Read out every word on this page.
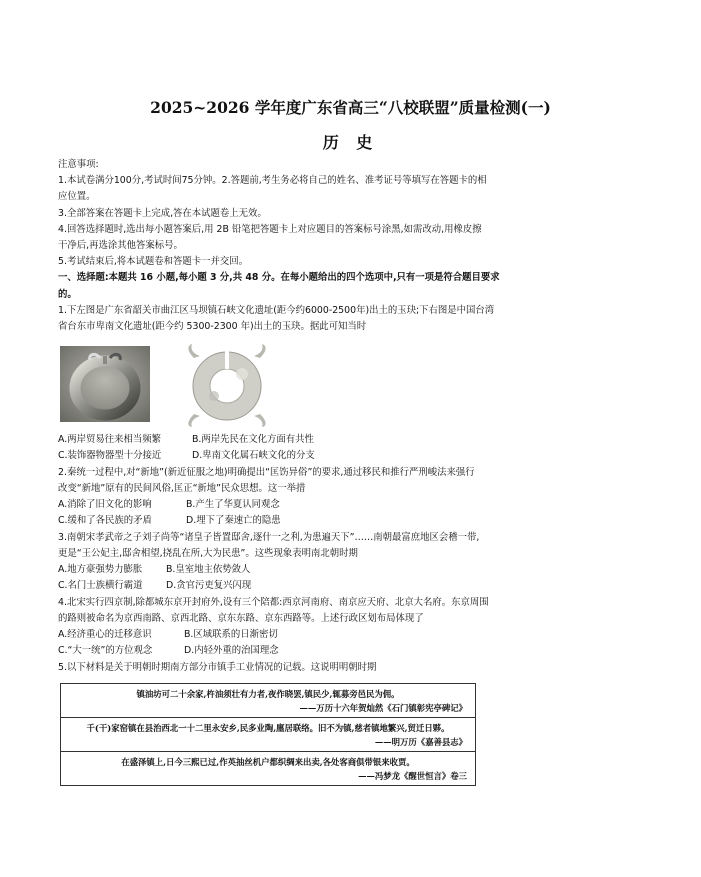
2025~2026 学年度广东省高三“八校联盟”质量检测(一)
历 史
注意事项:
1.本试卷满分100分,考试时间75分钟。2.答题前,考生务必将自己的姓名、准考证号等填写在答题卡的相
应位置。
3.全部答案在答题卡上完成,答在本试题卷上无效。
4.回答选择题时,选出每小题答案后,用 2B 铅笔把答题卡上对应题目的答案标号涂黑,如需改动,用橡皮擦
干净后,再选涂其他答案标号。
5.考试结束后,将本试题卷和答题卡一并交回。
一、选择题:本题共 16 小题,每小题 3 分,共 48 分。在每小题给出的四个选项中,只有一项是符合题目要求
的。
1.下左图是广东省韶关市曲江区马坝镇石峡文化遗址(距今约6000-2500年)出土的玉玦;下右图是中国台湾
省台东市卑南文化遗址(距今约 5300-2300 年)出土的玉玦。据此可知当时
A.两岸贸易往来相当频繁	B.两岸先民在文化方面有共性
C.装饰器物器型十分接近	D.卑南文化属石峡文化的分支
2.秦统一过程中,对“新地”(新近征服之地)明确提出“匡饬异俗”的要求,通过移民和推行严刑峻法来强行
改变“新地”原有的民间风俗,匡正“新地”民众思想。这一举措
A.消除了旧文化的影响	B.产生了华夏认同观念
C.缓和了各民族的矛盾	D.埋下了秦速亡的隐患
3.南朝宋孝武帝之子刘子尚等“诸皇子皆置邸舍,逐什一之利,为患遍天下”……南朝最富庶地区会稽一带,
更是“王公妃主,邸舍相望,挠乱在所,大为民患”。这些现象表明南北朝时期
A.地方豪强势力膨胀	B.皇室地主依势敛人
C.名门士族横行霸道 D.贪官污吏复兴闪现
4.北宋实行四京制,除都城东京开封府外,设有三个陪都:西京河南府、南京应天府、北京大名府。东京周围
的路则被命名为京西南路、京西北路、京东东路、京东西路等。上述行政区划布局体现了
A.经济重心的迁移意识	B.区域联系的日渐密切
C.“大一统”的方位观念	D.内轻外重的治国理念
5.以下材料是关于明朝时期南方部分市镇手工业情况的记载。这说明明朝时期
镇油坊可二十余家,杵油须壮有力者,夜作晓罢,镇民少,辄募旁邑民为佣。
——万历十六年贺灿然《石门镇彰宪亭碑记》

千(干)家窑镇在县治西北一十二里永安乡,民多业陶,廛居联络。旧不为镇,慈者镇地繁兴,贸迁日夥。
——明万历《嘉善县志》

在盛泽镇上,日今三熙已过,作英抽丝机户都织绸来出卖,各处客商俱带银来收贾。
——冯梦龙《醒世恒言》卷三
